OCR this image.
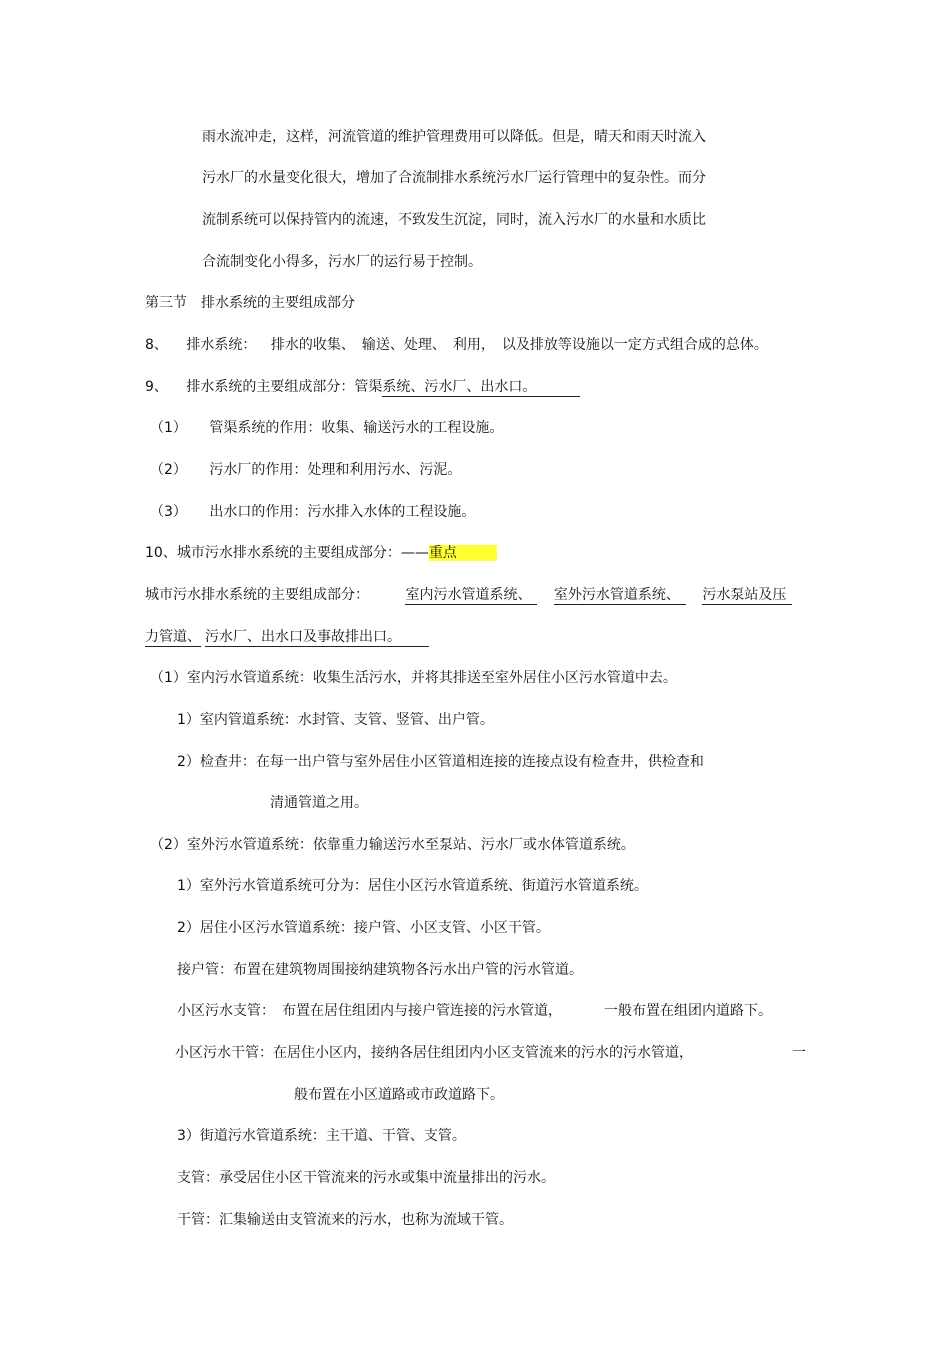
雨水流冲走，这样，河流管道的维护管理费用可以降低。但是，晴天和雨天时流入
污水厂的水量变化很大，增加了合流制排水系统污水厂运行管理中的复杂性。而分
流制系统可以保持管内的流速，不致发生沉淀，同时，流入污水厂的水量和水质比
合流制变化小得多，污水厂的运行易于控制。
第三节　排水系统的主要组成部分
8、 排水系统： 排水的收集、　输送、处理、　利用，　以及排放等设施以一定方式组合成的总体。
9、 排水系统的主要组成部分：管渠系统、污水厂、出水口。
（1） 管渠系统的作用：收集、输送污水的工程设施。
（2） 污水厂的作用：处理和利用污水、污泥。
（3） 出水口的作用：污水排入水体的工程设施。
10、城市污水排水系统的主要组成部分：——重点
城市污水排水系统的主要组成部分：	室内污水管道系统、 室外污水管道系统、 污水泵站及压
力管道、 污水厂、出水口及事故排出口。
（1）室内污水管道系统：收集生活污水，并将其排送至室外居住小区污水管道中去。
1）室内管道系统：水封管、支管、竖管、出户管。
2）检查井：在每一出户管与室外居住小区管道相连接的连接点设有检查井，供检查和
清通管道之用。
（2）室外污水管道系统：依靠重力输送污水至泵站、污水厂或水体管道系统。
1）室外污水管道系统可分为：居住小区污水管道系统、街道污水管道系统。
2）居住小区污水管道系统：接户管、小区支管、小区干管。
接户管：布置在建筑物周围接纳建筑物各污水出户管的污水管道。
小区污水支管：　布置在居住组团内与接户管连接的污水管道，	一般布置在组团内道路下。
小区污水干管：在居住小区内，接纳各居住组团内小区支管流来的污水的污水管道，	一
般布置在小区道路或市政道路下。
3）街道污水管道系统：主干道、干管、支管。
支管：承受居住小区干管流来的污水或集中流量排出的污水。
干管：汇集输送由支管流来的污水，也称为流域干管。
